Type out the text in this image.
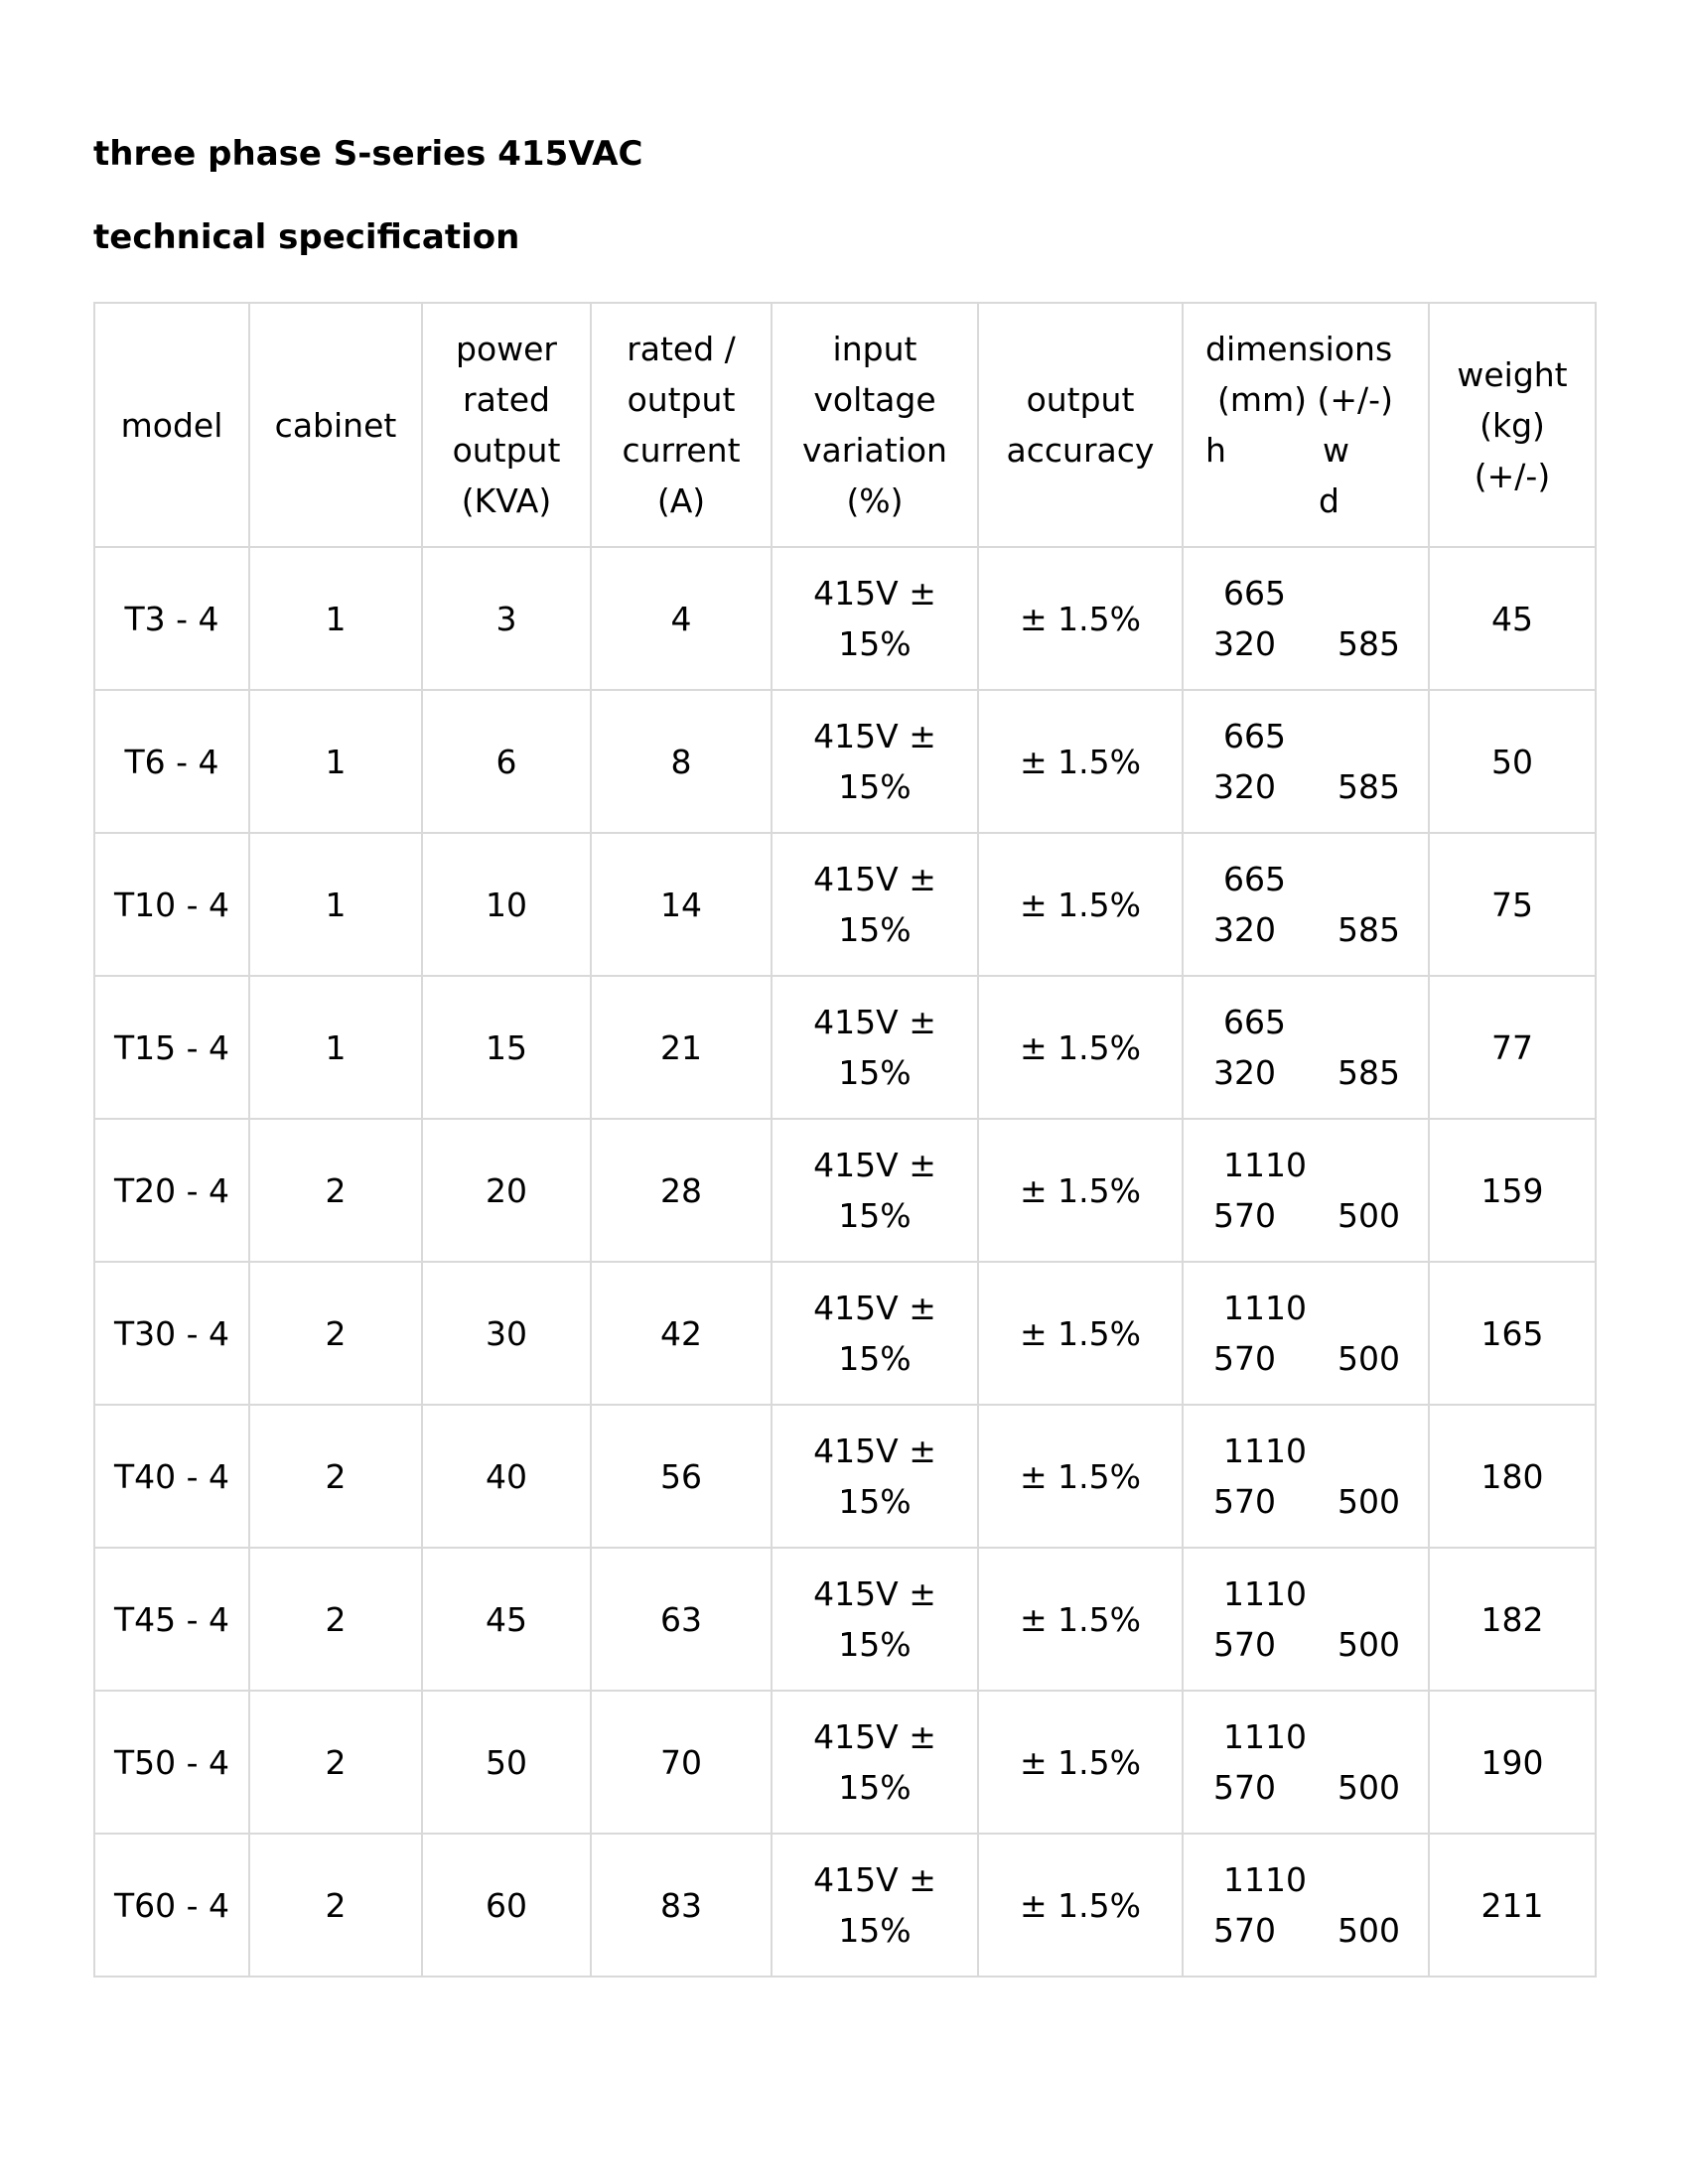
three phase S-series 415VAC
technical specification
model	cabinet	power rated output (KVA)	rated / output current (A)	input voltage variation (%)	output accuracy	dimensions
(mm) (+/-)
h w
d	weight (kg) (+/-)
T3 - 4	1	3	4	415V ± 15%	± 1.5%	665
320 585	45
T6 - 4	1	6	8	415V ± 15%	± 1.5%	665
320 585	50
T10 - 4	1	10	14	415V ± 15%	± 1.5%	665
320 585	75
T15 - 4	1	15	21	415V ± 15%	± 1.5%	665
320 585	77
T20 - 4	2	20	28	415V ± 15%	± 1.5%	1110
570 500	159
T30 - 4	2	30	42	415V ± 15%	± 1.5%	1110
570 500	165
T40 - 4	2	40	56	415V ± 15%	± 1.5%	1110
570 500	180
T45 - 4	2	45	63	415V ± 15%	± 1.5%	1110
570 500	182
T50 - 4	2	50	70	415V ± 15%	± 1.5%	1110
570 500	190
T60 - 4	2	60	83	415V ± 15%	± 1.5%	1110
570 500	211
